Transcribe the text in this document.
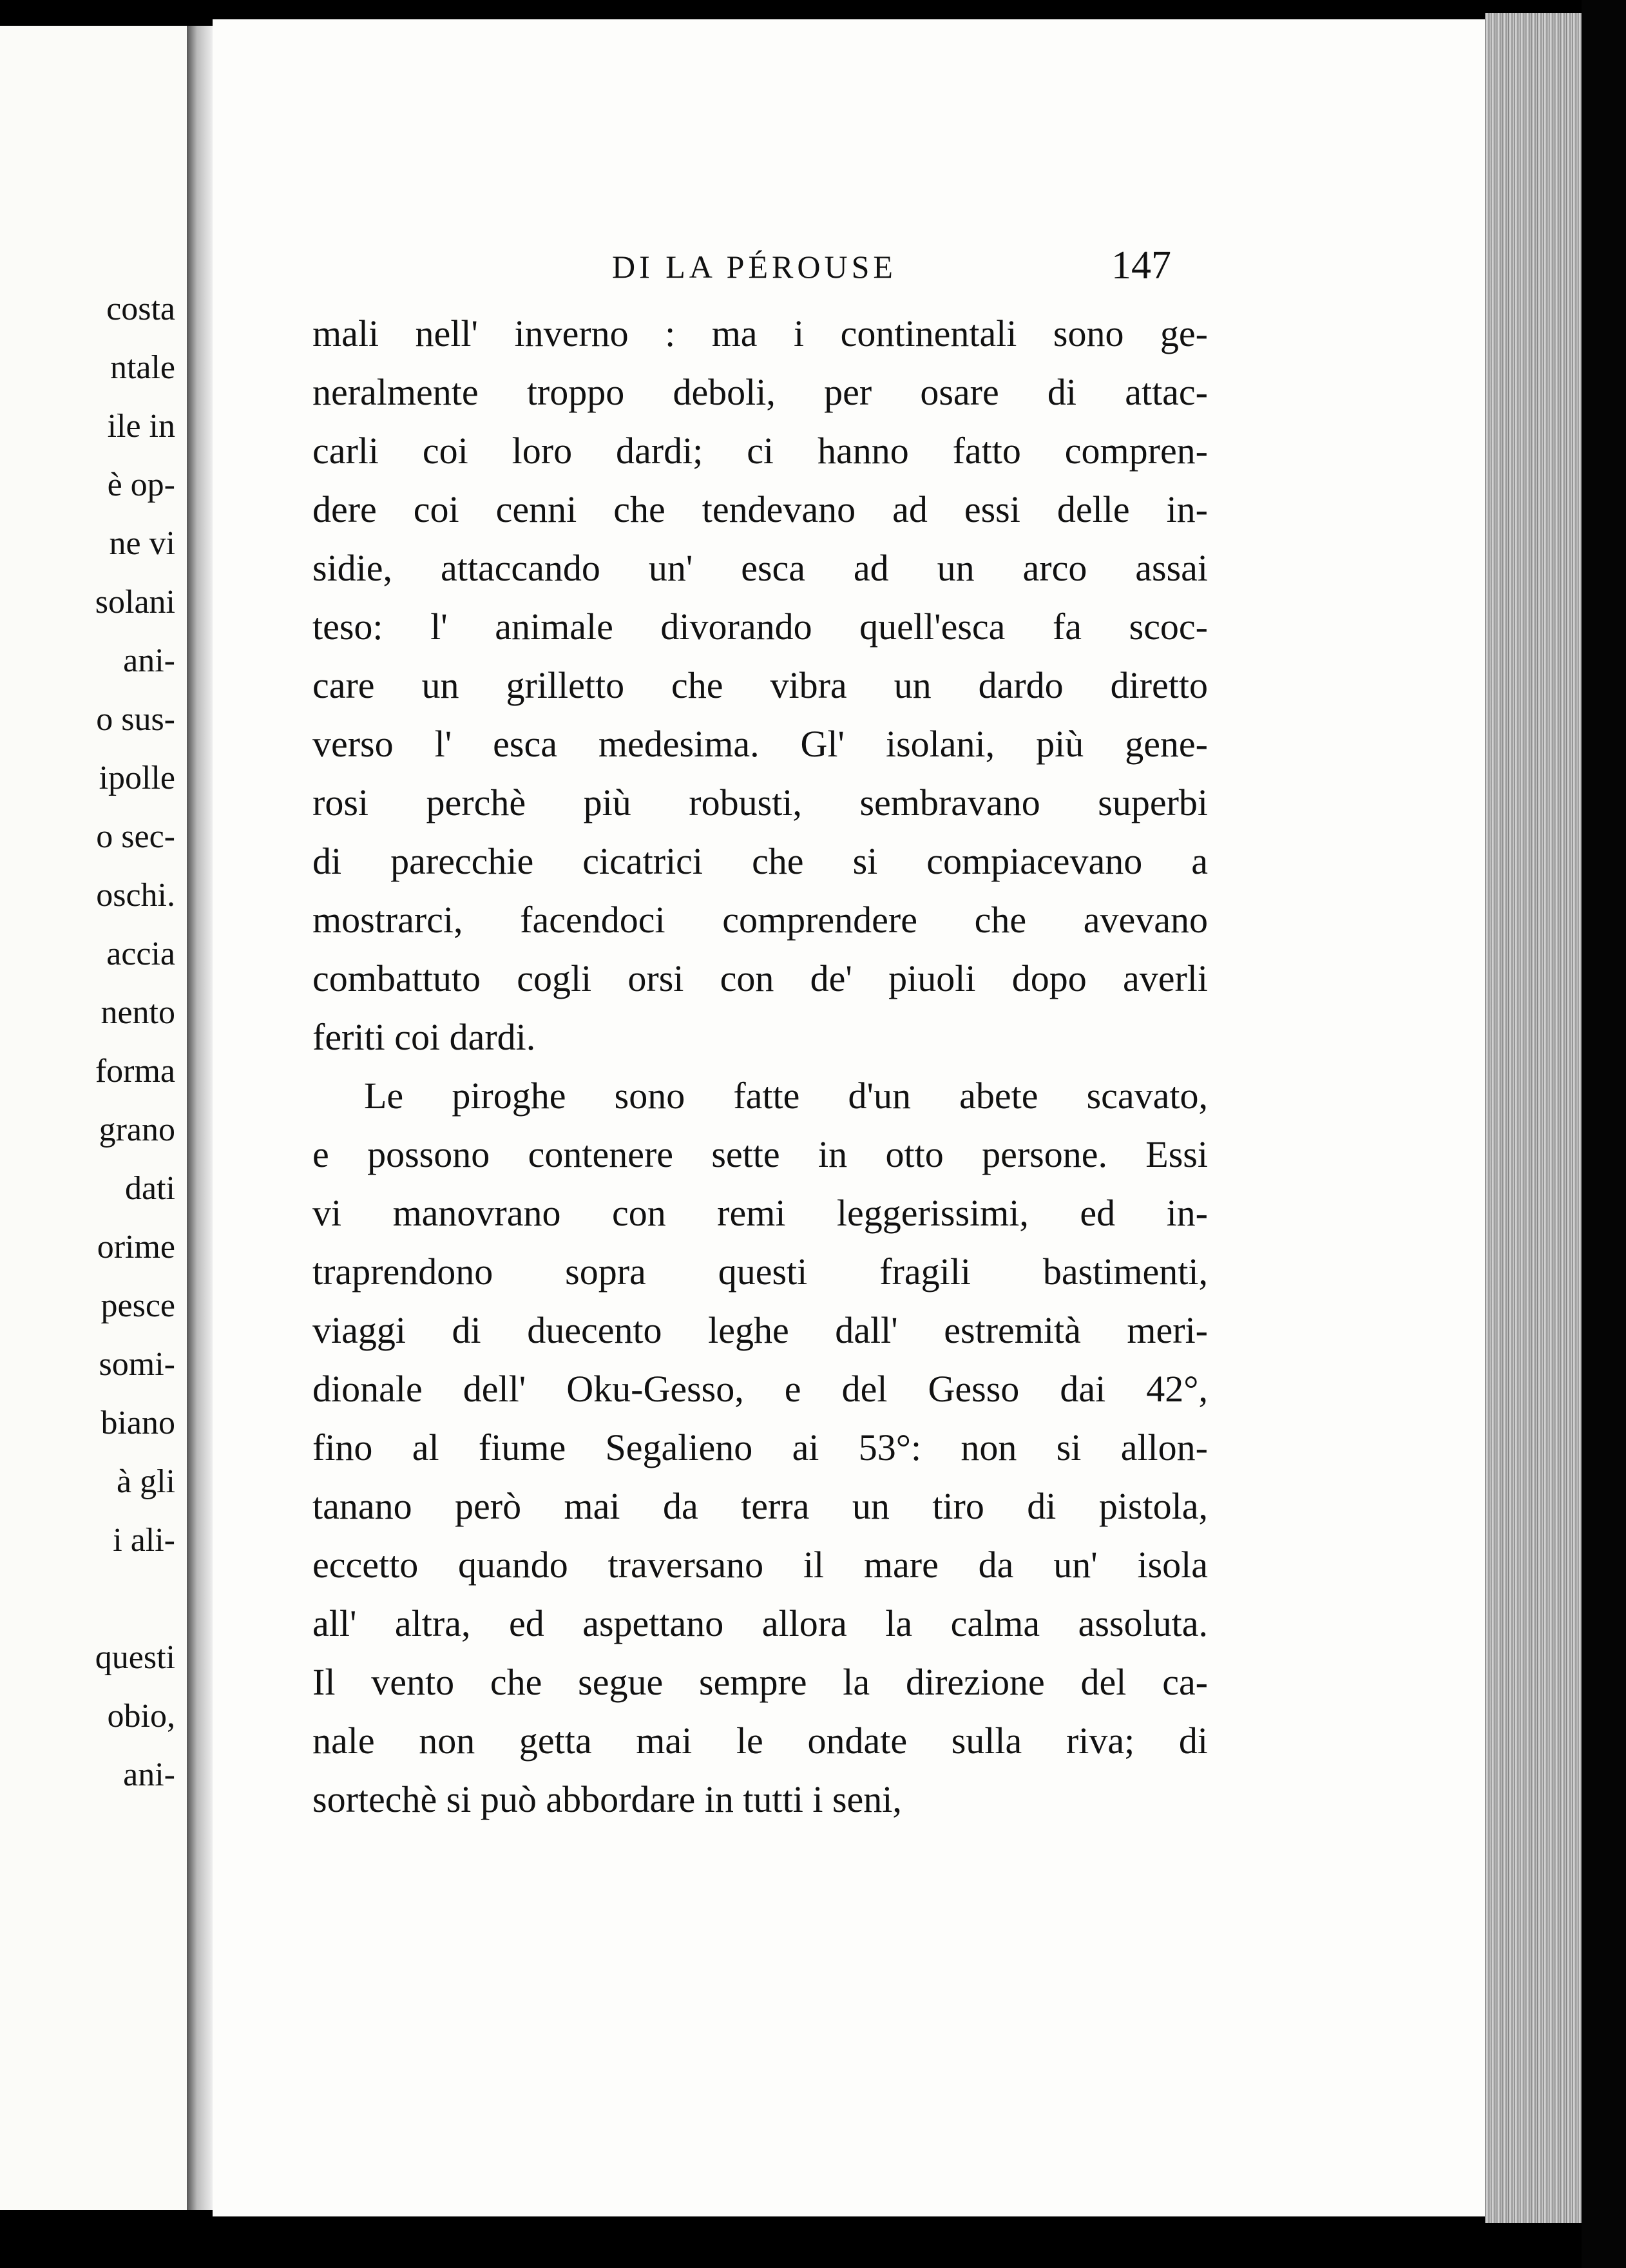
costa
ntale
ile in
è op-
ne vi
solani
ani-
o sus-
ipolle
o sec-
oschi.
accia
nento
forma
grano
dati
orime
pesce
somi-
biano
à gli
i ali-
questi
obio,
ani-
DI LA PÉROUSE	147
mali nell' inverno : ma i continentali sono ge-
neralmente troppo deboli, per osare di attac-
carli coi loro dardi; ci hanno fatto compren-
dere coi cenni che tendevano ad essi delle in-
sidie, attaccando un' esca ad un arco assai
teso: l' animale divorando quell'esca fa scoc-
care un grilletto che vibra un dardo diretto
verso l' esca medesima. Gl' isolani, più gene-
rosi perchè più robusti, sembravano superbi
di parecchie cicatrici che si compiacevano a
mostrarci, facendoci comprendere che avevano
combattuto cogli orsi con de' piuoli dopo averli
feriti coi dardi.
Le piroghe sono fatte d'un abete scavato,
e possono contenere sette in otto persone. Essi
vi manovrano con remi leggerissimi, ed in-
traprendono sopra questi fragili bastimenti,
viaggi di duecento leghe dall' estremità meri-
dionale dell' Oku-Gesso, e del Gesso dai 42°,
fino al fiume Segalieno ai 53°: non si allon-
tanano però mai da terra un tiro di pistola,
eccetto quando traversano il mare da un' isola
all' altra, ed aspettano allora la calma assoluta.
Il vento che segue sempre la direzione del ca-
nale non getta mai le ondate sulla riva; di
sortechè si può abbordare in tutti i seni,
